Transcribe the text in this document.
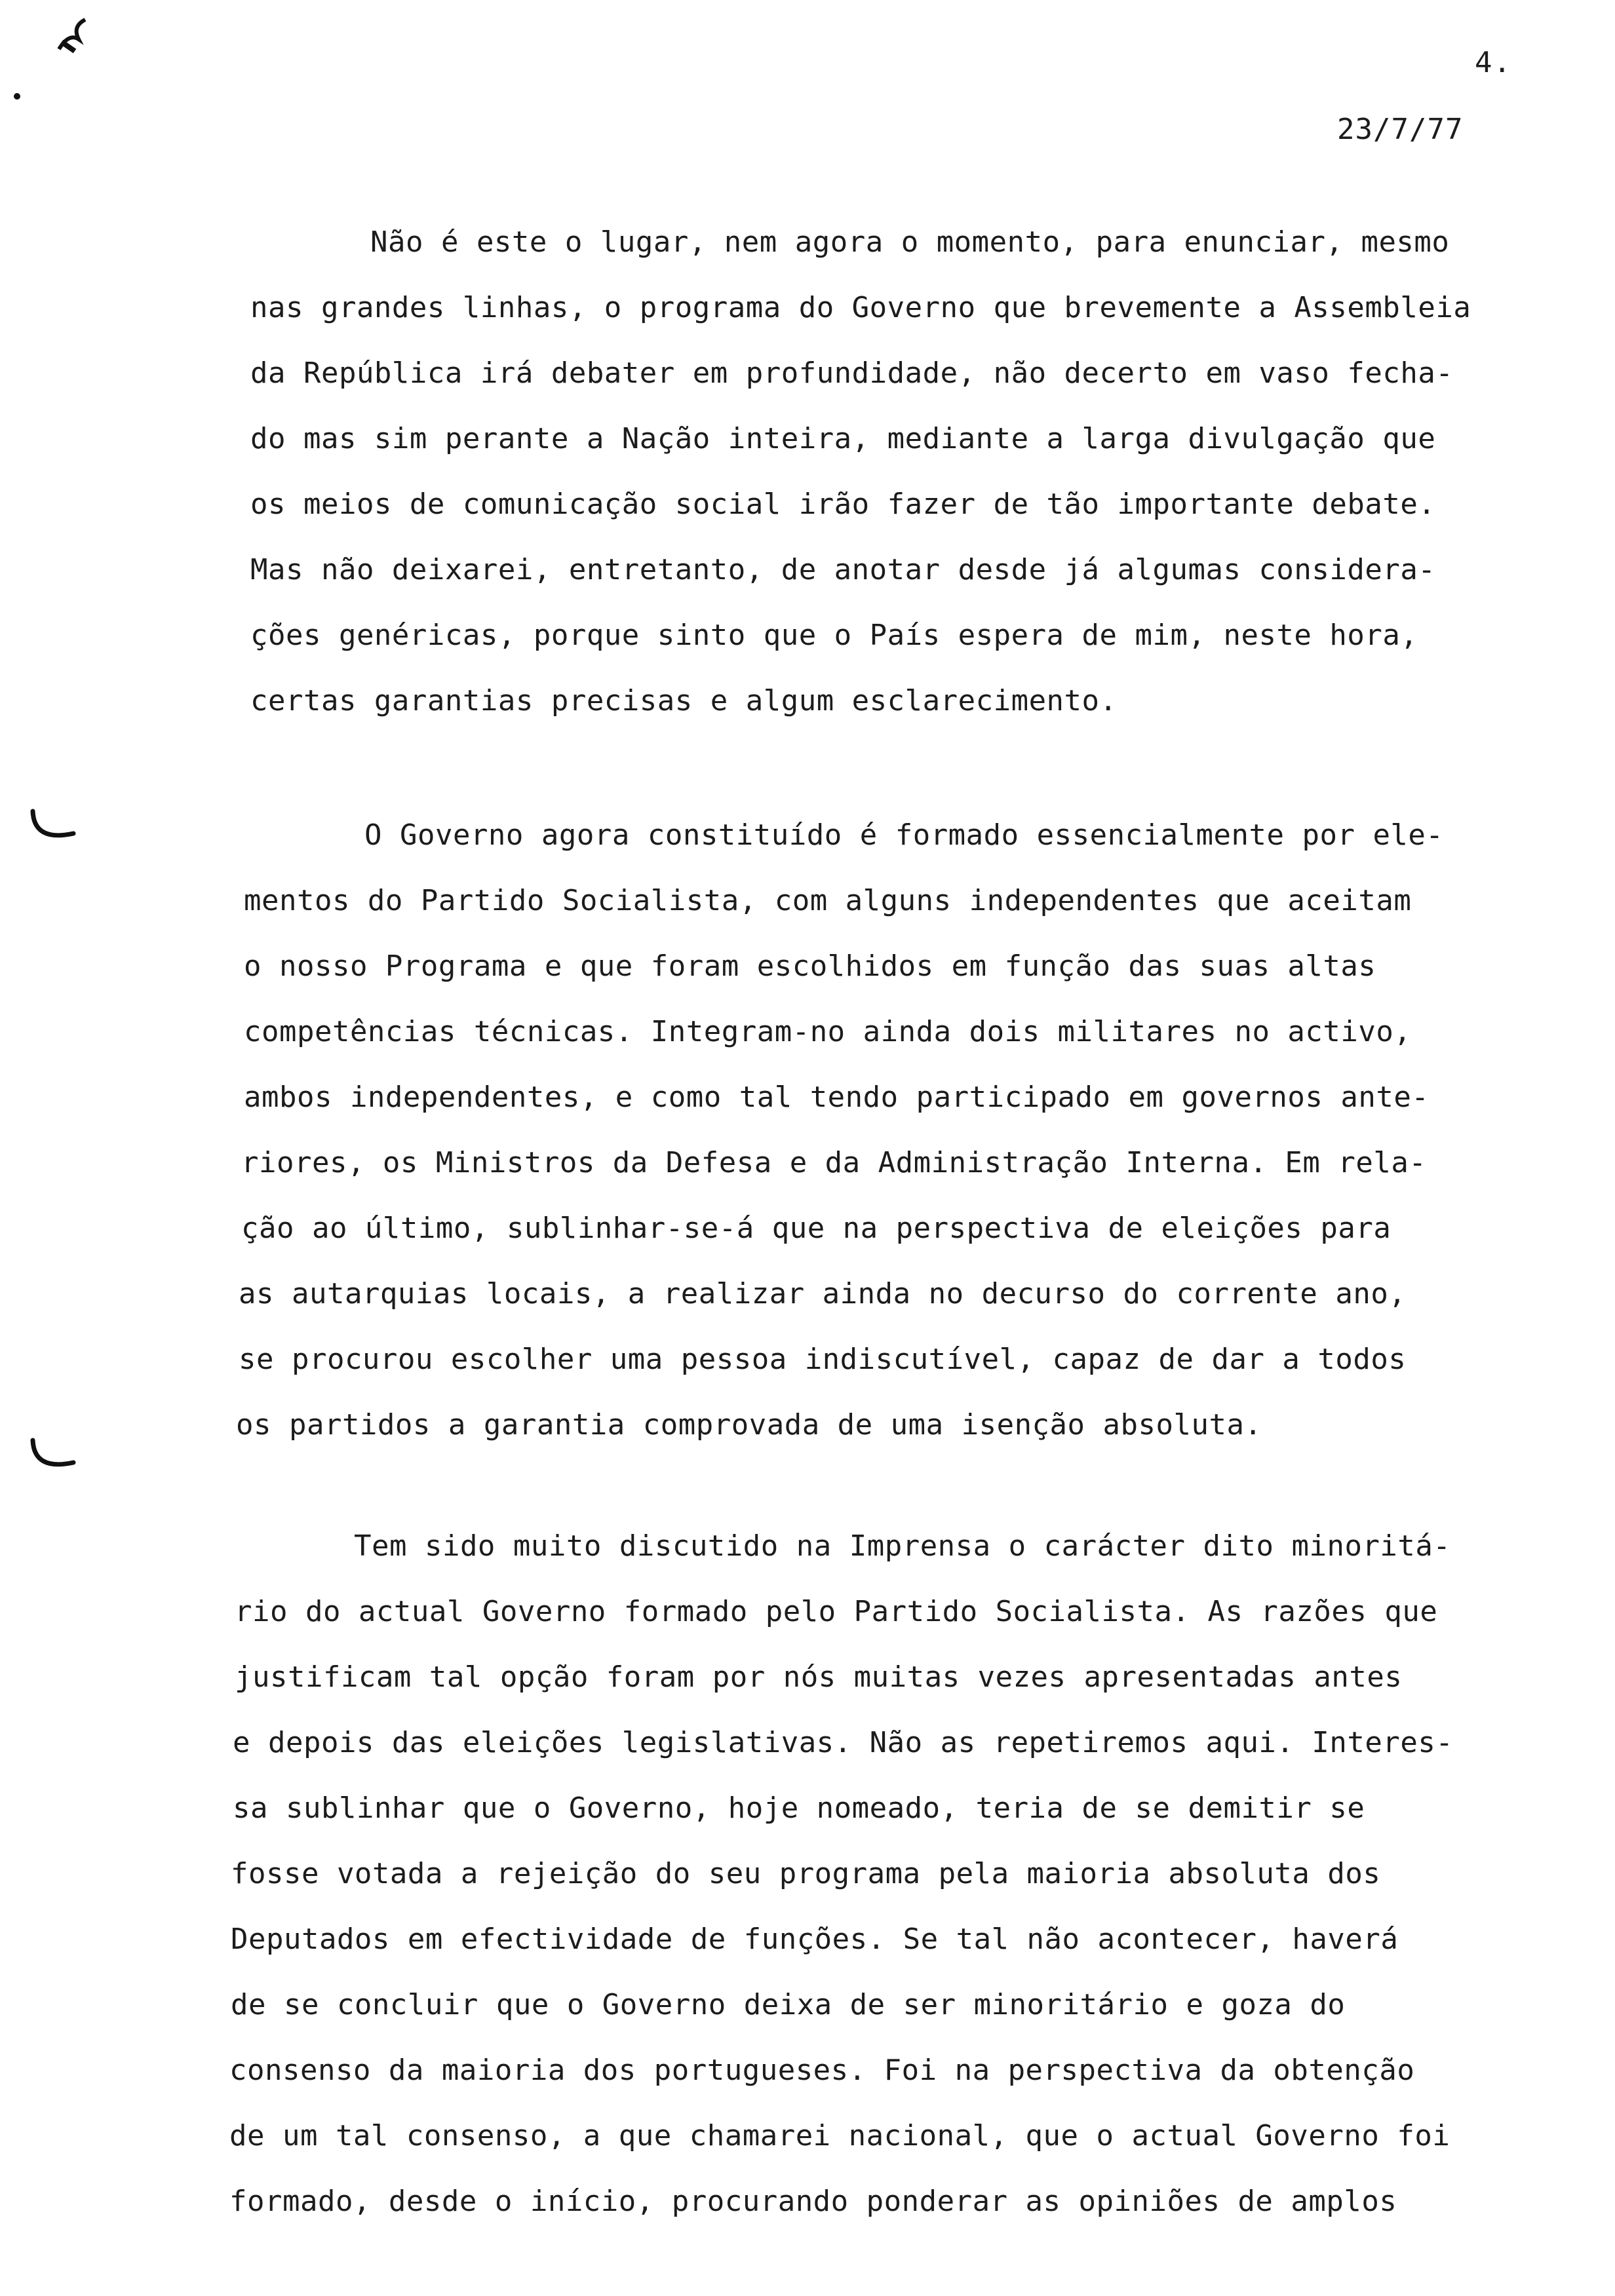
4.
23/7/77
Não é este o lugar, nem agora o momento, para enunciar, mesmo
nas grandes linhas, o programa do Governo que brevemente a Assembleia
da República irá debater em profundidade, não decerto em vaso fecha-
do mas sim perante a Nação inteira, mediante a larga divulgação que
os meios de comunicação social irão fazer de tão importante debate.
Mas não deixarei, entretanto, de anotar desde já algumas considera-
ções genéricas, porque sinto que o País espera de mim, neste hora,
certas garantias precisas e algum esclarecimento.
O Governo agora constituído é formado essencialmente por ele-
mentos do Partido Socialista, com alguns independentes que aceitam
o nosso Programa e que foram escolhidos em função das suas altas
competências técnicas. Integram-no ainda dois militares no activo,
ambos independentes, e como tal tendo participado em governos ante-
riores, os Ministros da Defesa e da Administração Interna. Em rela-
ção ao último, sublinhar-se-á que na perspectiva de eleições para
as autarquias locais, a realizar ainda no decurso do corrente ano,
se procurou escolher uma pessoa indiscutível, capaz de dar a todos
os partidos a garantia comprovada de uma isenção absoluta.
Tem sido muito discutido na Imprensa o carácter dito minoritá-
rio do actual Governo formado pelo Partido Socialista. As razões que
justificam tal opção foram por nós muitas vezes apresentadas antes
e depois das eleições legislativas. Não as repetiremos aqui. Interes-
sa sublinhar que o Governo, hoje nomeado, teria de se demitir se
fosse votada a rejeição do seu programa pela maioria absoluta dos
Deputados em efectividade de funções. Se tal não acontecer, haverá
de se concluir que o Governo deixa de ser minoritário e goza do
consenso da maioria dos portugueses. Foi na perspectiva da obtenção
de um tal consenso, a que chamarei nacional, que o actual Governo foi
formado, desde o início, procurando ponderar as opiniões de amplos
